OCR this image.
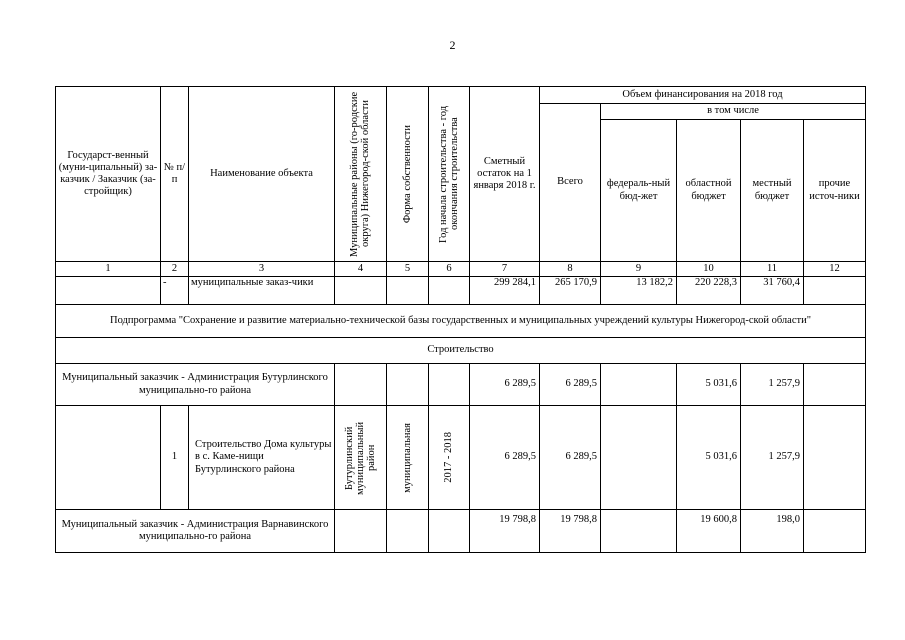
2
Государст-венный (муни-ципальный) за-казчик / Заказчик (за-стройщик)	№ п/п	Наименование объекта	Муниципальные районы (го-родские округа) Нижегород-ской области	Форма собственности	Год начала строительства - год окончания строительства	Сметный остаток на 1 января 2018 г.	Объем финансирования на 2018 год				
							Всего	в том числе			
								федераль-ный бюд-жет	областной бюджет	местный бюджет	прочие источ-ники
1	2	3	4	5	6	7	8	9	10	11	12
	-	муниципальные заказ-чики				299 284,1	265 170,9	13 182,2	220 228,3	31 760,4	
Подпрограмма "Сохранение и развитие материально-технической базы государственных и муниципальных учреждений культуры Нижегород-ской области"											
Строительство											
Муниципальный заказчик - Администрация Бутурлинского муниципально-го района						6 289,5	6 289,5		5 031,6	1 257,9	
	1	Строительство Дома культуры в с. Каме-нищи Бутурлинского района	Бутурлинский муниципальный район	муниципальная	2017 - 2018	6 289,5	6 289,5		5 031,6	1 257,9	
Муниципальный заказчик - Администрация Варнавинского муниципально-го района						19 798,8	19 798,8		19 600,8	198,0	
